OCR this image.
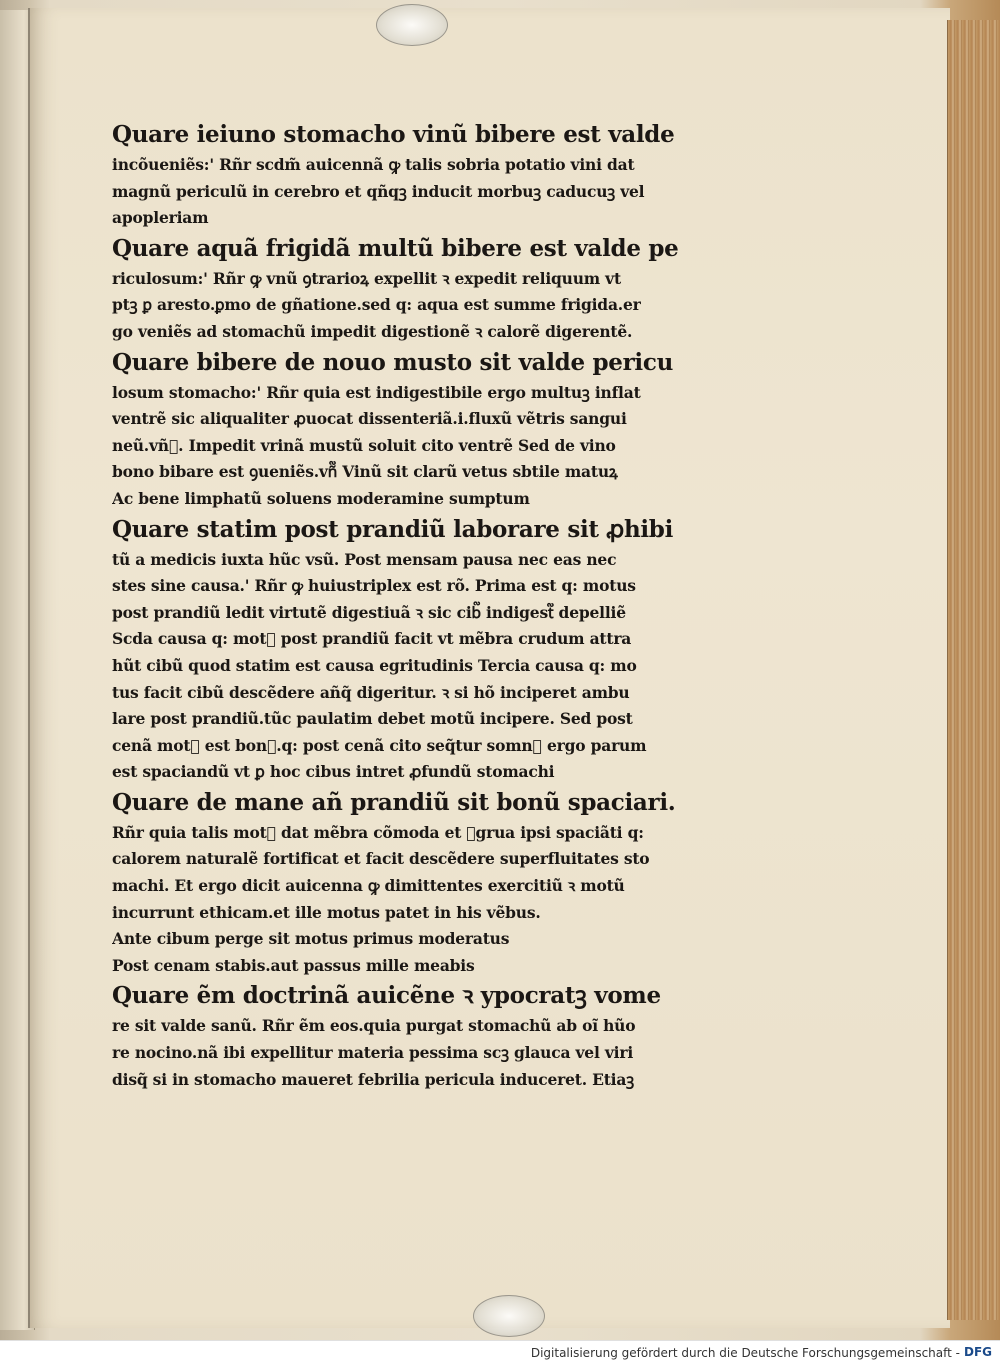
Quare ieiuno stomacho vinũ bibere est valde
incõueniẽs:' Rñr scdm̃ auicennã ꝙ talis sobria potatio vini dat
magnũ periculũ in cerebro et qñqꝫ inducit morbuꝫ caducuꝫ vel
apopleriam
Quare aquã frigidã multũ bibere est valde pe
riculosum:' Rñr ꝙ vnũ ꝯtrarioꝝ expellit ꝛ expedit reliquum vt
ptꝫ ꝑ aresto.ꝑmo de gñatione.sed q: aqua est summe frigida.er
go veniẽs ad stomachũ impedit digestionẽ ꝛ calorẽ digerentẽ.
Quare bibere de nouo musto sit valde pericu
losum stomacho:' Rñr quia est indigestibile ergo multuꝫ inflat
ventrẽ sic aliqualiter ꝓuocat dissenteriã.i.fluxũ vẽtris sangui
neũ.vñ᷑. Impedit vrinã mustũ soluit cito ventrẽ Sed de vino
bono bibare est ꝯueniẽs.vñ᷑ Vinũ sit clarũ vetus sbtile matuꝝ
Ac bene limphatũ soluens moderamine sumptum
Quare statim post prandiũ laborare sit ꝓhibi
tũ a medicis iuxta hũc vsũ. Post mensam pausa nec eas nec
stes sine causa.' Rñr ꝙ huiustriplex est rõ. Prima est q: motus
post prandiũ ledit virtutẽ digestiuã ꝛ sic cib᷑ indigest᷑ depelliẽ
Scda causa q: mot᷑ post prandiũ facit vt mẽbra crudum attra
hũt cibũ quod statim est causa egritudinis Tercia causa q: mo
tus facit cibũ descẽdere añq̃ digeritur. ꝛ si hõ inciperet ambu
lare post prandiũ.tũc paulatim debet motũ incipere. Sed post
cenã mot᷑ est bon᷑.q: post cenã cito seq̃tur somn᷑ ergo parum
est spaciandũ vt ꝑ hoc cibus intret ꝓfundũ stomachi
Quare de mane añ prandiũ sit bonũ spaciari.
Rñr quia talis mot᷑ dat mẽbra cõmoda et ꝯgrua ipsi spaciãti q:
calorem naturalẽ fortificat et facit descẽdere superfluitates sto
machi. Et ergo dicit auicenna ꝙ dimittentes exercitiũ ꝛ motũ
incurrunt ethicam.et ille motus patet in his vẽbus.
Ante cibum perge sit motus primus moderatus
Post cenam stabis.aut passus mille meabis
Quare ẽm doctrinã auicẽne ꝛ ypocratꝫ vome
re sit valde sanũ. Rñr ẽm eos.quia purgat stomachũ ab oĩ hũo
re nocino.nã ibi expellitur materia pessima scꝫ glauca vel viri
disq̃ si in stomacho maueret febrilia pericula induceret. Etiaꝫ
Digitalisierung gefördert durch die Deutsche Forschungsgemeinschaft - DFG
